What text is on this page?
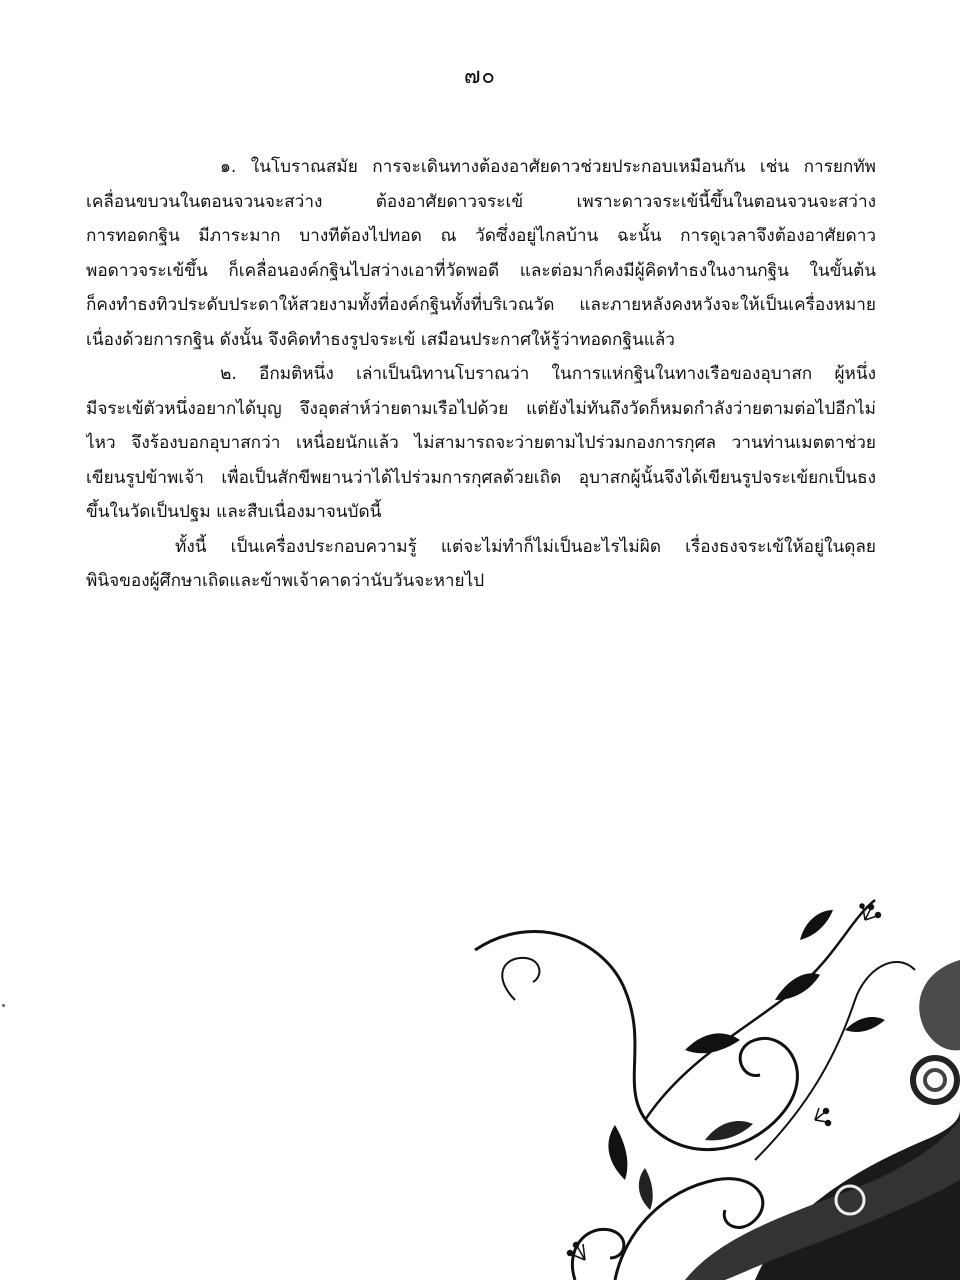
๗๐
๑. ในโบราณสมัย การจะเดินทางต้องอาศัยดาวช่วยประกอบเหมือนกัน เช่น การยกทัพ
เคลื่อนขบวนในตอนจวนจะสว่าง ต้องอาศัยดาวจระเข้ เพราะดาวจระเข้นี้ขึ้นในตอนจวนจะสว่าง
การทอดกฐิน มีภาระมาก บางทีต้องไปทอด ณ วัดซึ่งอยู่ไกลบ้าน ฉะนั้น การดูเวลาจึงต้องอาศัยดาว
พอดาวจระเข้ขึ้น ก็เคลื่อนองค์กฐินไปสว่างเอาที่วัดพอดี และต่อมาก็คงมีผู้คิดทำธงในงานกฐิน ในขั้นต้น
ก็คงทำธงทิวประดับประดาให้สวยงามทั้งที่องค์กฐินทั้งที่บริเวณวัด และภายหลังคงหวังจะให้เป็นเครื่องหมาย
เนื่องด้วยการกฐิน ดังนั้น จึงคิดทำธงรูปจระเข้ เสมือนประกาศให้รู้ว่าทอดกฐินแล้ว
๒. อีกมติหนึ่ง เล่าเป็นนิทานโบราณว่า ในการแห่กฐินในทางเรือของอุบาสก ผู้หนึ่ง
มีจระเข้ตัวหนึ่งอยากได้บุญ จึงอุตส่าห์ว่ายตามเรือไปด้วย แต่ยังไม่ทันถึงวัดก็หมดกำลังว่ายตามต่อไปอีกไม่
ไหว จึงร้องบอกอุบาสกว่า เหนื่อยนักแล้ว ไม่สามารถจะว่ายตามไปร่วมกองการกุศล วานท่านเมตตาช่วย
เขียนรูปข้าพเจ้า เพื่อเป็นสักขีพยานว่าได้ไปร่วมการกุศลด้วยเถิด อุบาสกผู้นั้นจึงได้เขียนรูปจระเข้ยกเป็นธง
ขึ้นในวัดเป็นปฐม และสืบเนื่องมาจนบัดนี้
ทั้งนี้ เป็นเครื่องประกอบความรู้ แต่จะไม่ทำก็ไม่เป็นอะไรไม่ผิด เรื่องธงจระเข้ให้อยู่ในดุลย
พินิจของผู้ศึกษาเถิดและข้าพเจ้าคาดว่านับวันจะหายไป
